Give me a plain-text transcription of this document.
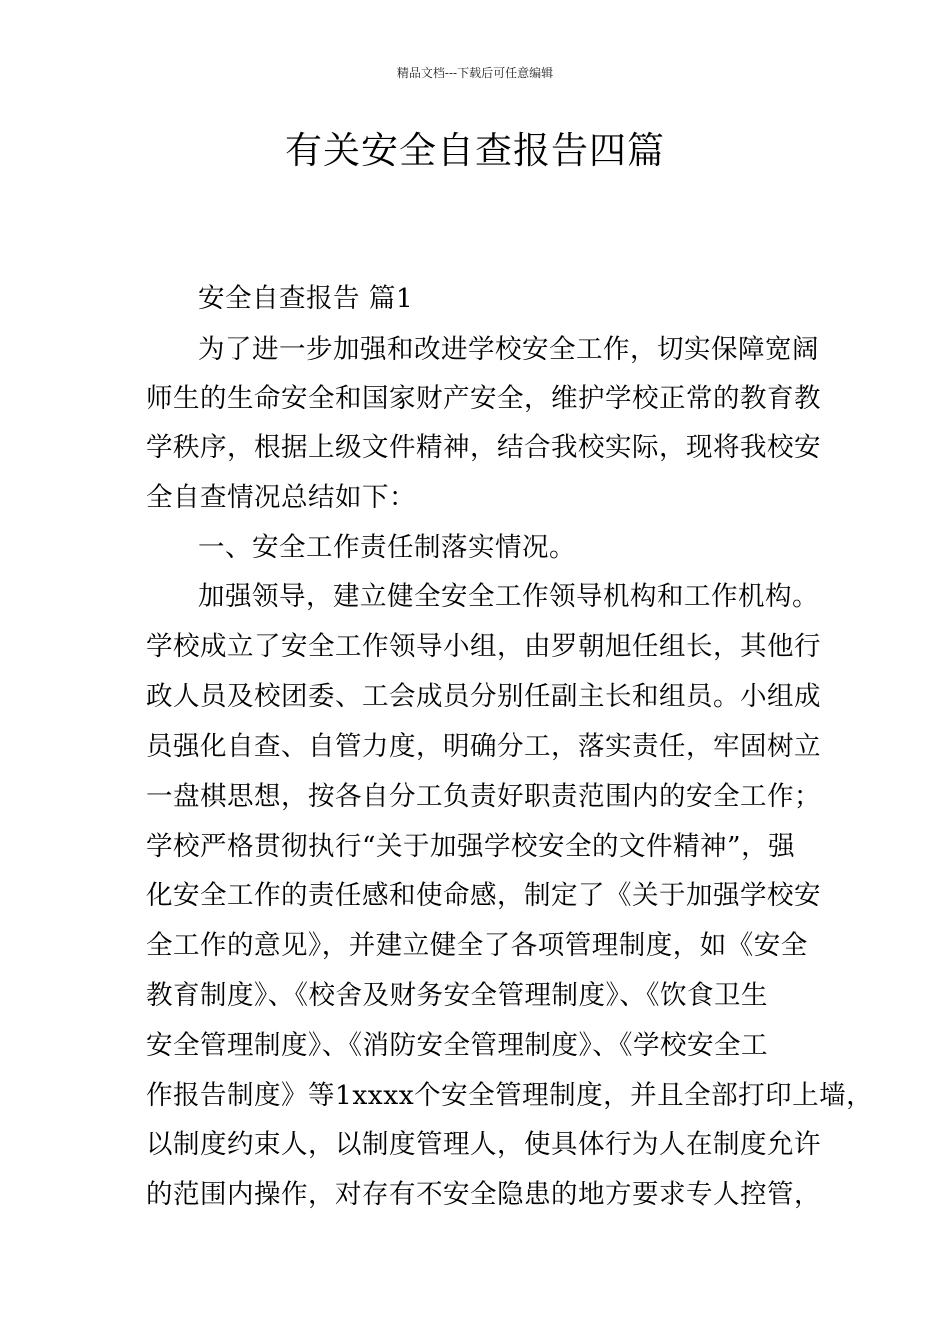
精品文档---下载后可任意编辑
有关安全自查报告四篇
安全自查报告 篇1
为了进一步加强和改进学校安全工作，切实保障宽阔
师生的生命安全和国家财产安全，维护学校正常的教育教
学秩序，根据上级文件精神，结合我校实际，现将我校安
全自查情况总结如下：
一、安全工作责任制落实情况。
加强领导，建立健全安全工作领导机构和工作机构。
学校成立了安全工作领导小组，由罗朝旭任组长，其他行
政人员及校团委、工会成员分别任副主长和组员。小组成
员强化自查、自管力度，明确分工，落实责任，牢固树立
一盘棋思想，按各自分工负责好职责范围内的安全工作；
学校严格贯彻执行“关于加强学校安全的文件精神”，强
化安全工作的责任感和使命感，制定了《关于加强学校安
全工作的意见》，并建立健全了各项管理制度，如《安全
教育制度》、《校舍及财务安全管理制度》、《饮食卫生
安全管理制度》、《消防安全管理制度》、《学校安全工
作报告制度》等1xxxx个安全管理制度，并且全部打印上墙，
以制度约束人，以制度管理人，使具体行为人在制度允许
的范围内操作，对存有不安全隐患的地方要求专人控管，
